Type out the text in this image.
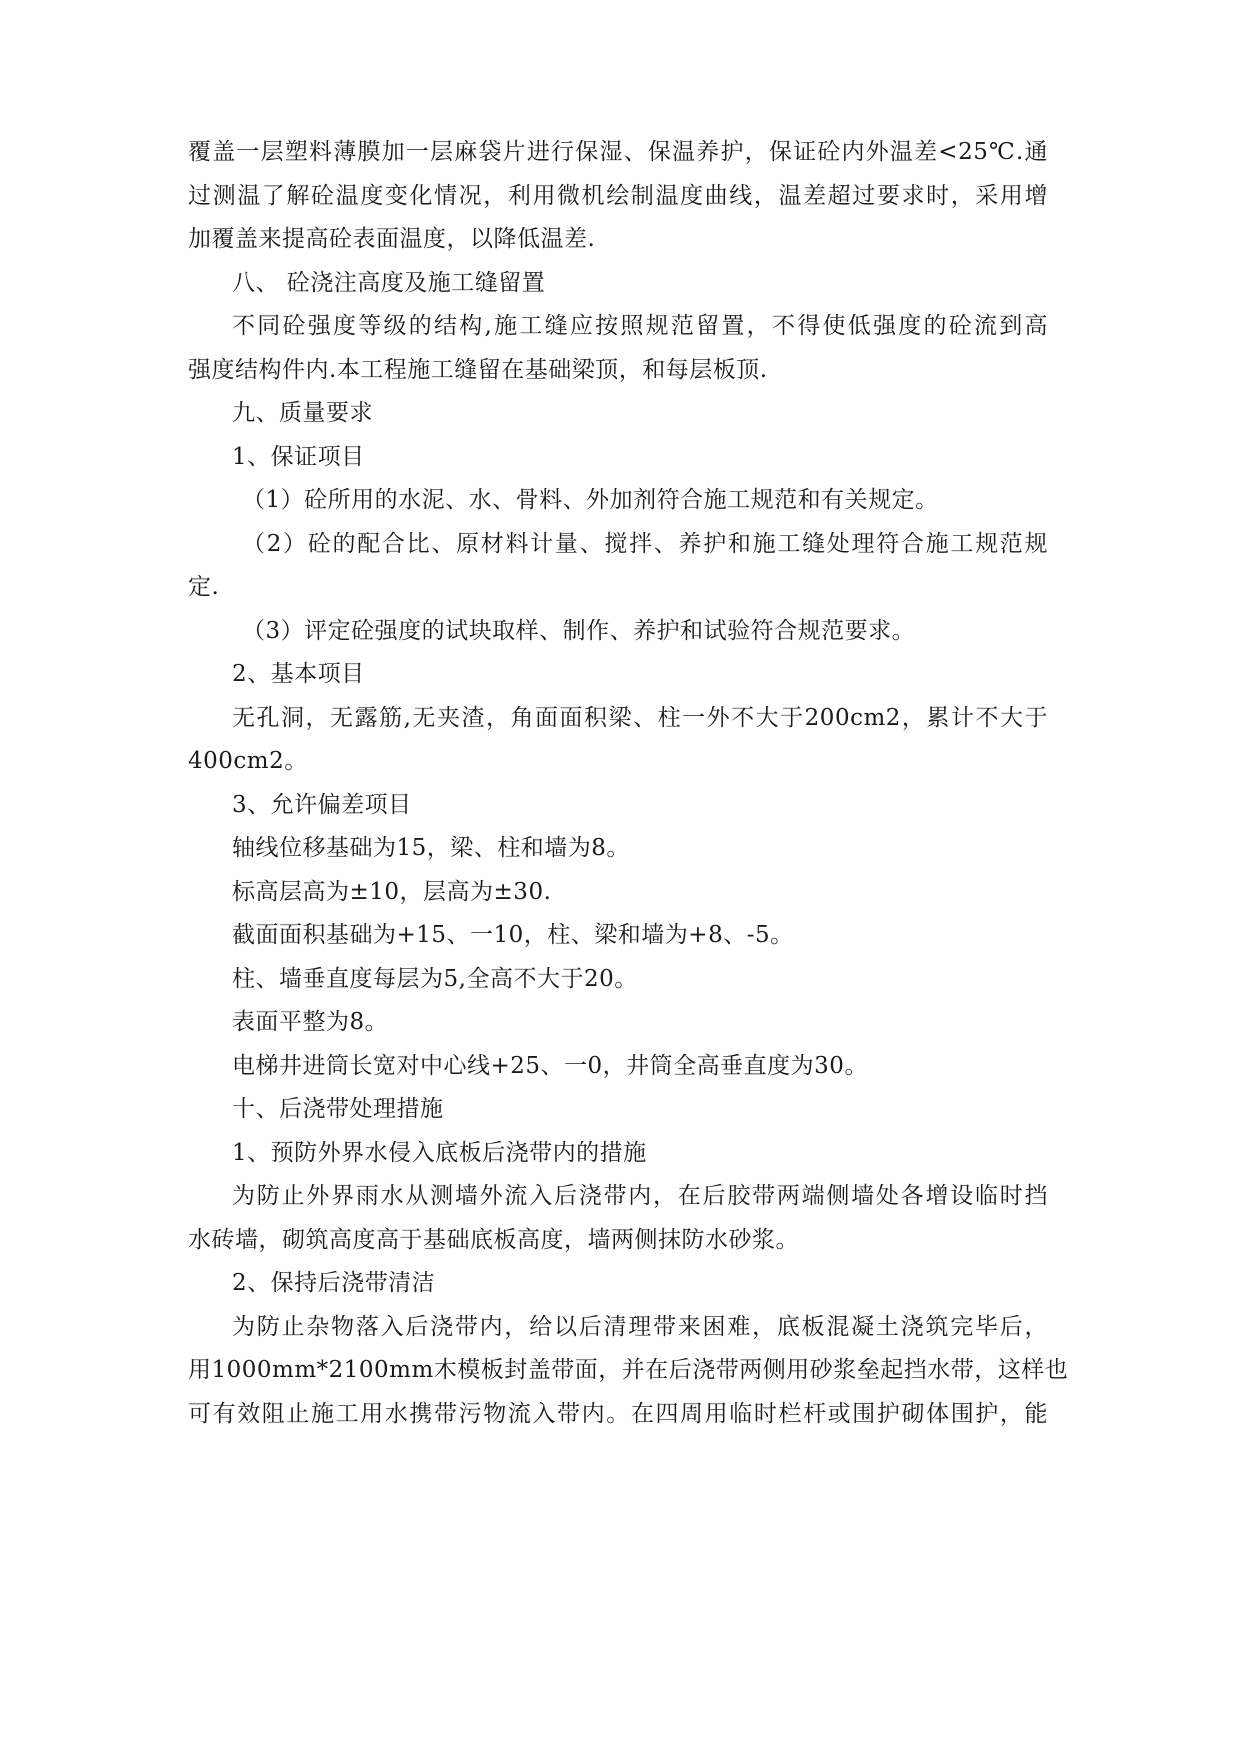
覆盖一层塑料薄膜加一层麻袋片进行保湿、保温养护，保证砼内外温差<25℃.通
过测温了解砼温度变化情况，利用微机绘制温度曲线，温差超过要求时，采用增
加覆盖来提高砼表面温度，以降低温差.
八、 砼浇注高度及施工缝留置
不同砼强度等级的结构,施工缝应按照规范留置，不得使低强度的砼流到高
强度结构件内.本工程施工缝留在基础梁顶，和每层板顶.
九、质量要求
1、保证项目
（1）砼所用的水泥、水、骨料、外加剂符合施工规范和有关规定。
（2）砼的配合比、原材料计量、搅拌、养护和施工缝处理符合施工规范规
定.
（3）评定砼强度的试块取样、制作、养护和试验符合规范要求。
2、基本项目
无孔洞，无露筋,无夹渣，角面面积梁、柱一外不大于200cm2，累计不大于
400cm2。
3、允许偏差项目
轴线位移基础为15，梁、柱和墙为8。
标高层高为±10，层高为±30.
截面面积基础为+15、一10，柱、梁和墙为+8、-5。
柱、墙垂直度每层为5,全高不大于20。
表面平整为8。
电梯井进筒长宽对中心线+25、一0，井筒全高垂直度为30。
十、后浇带处理措施
1、预防外界水侵入底板后浇带内的措施
为防止外界雨水从测墙外流入后浇带内，在后胶带两端侧墙处各增设临时挡
水砖墙，砌筑高度高于基础底板高度，墙两侧抹防水砂浆。
2、保持后浇带清洁
为防止杂物落入后浇带内，给以后清理带来困难，底板混凝土浇筑完毕后，
用1000mm*2100mm木模板封盖带面，并在后浇带两侧用砂浆垒起挡水带，这样也
可有效阻止施工用水携带污物流入带内。在四周用临时栏杆或围护砌体围护，能
